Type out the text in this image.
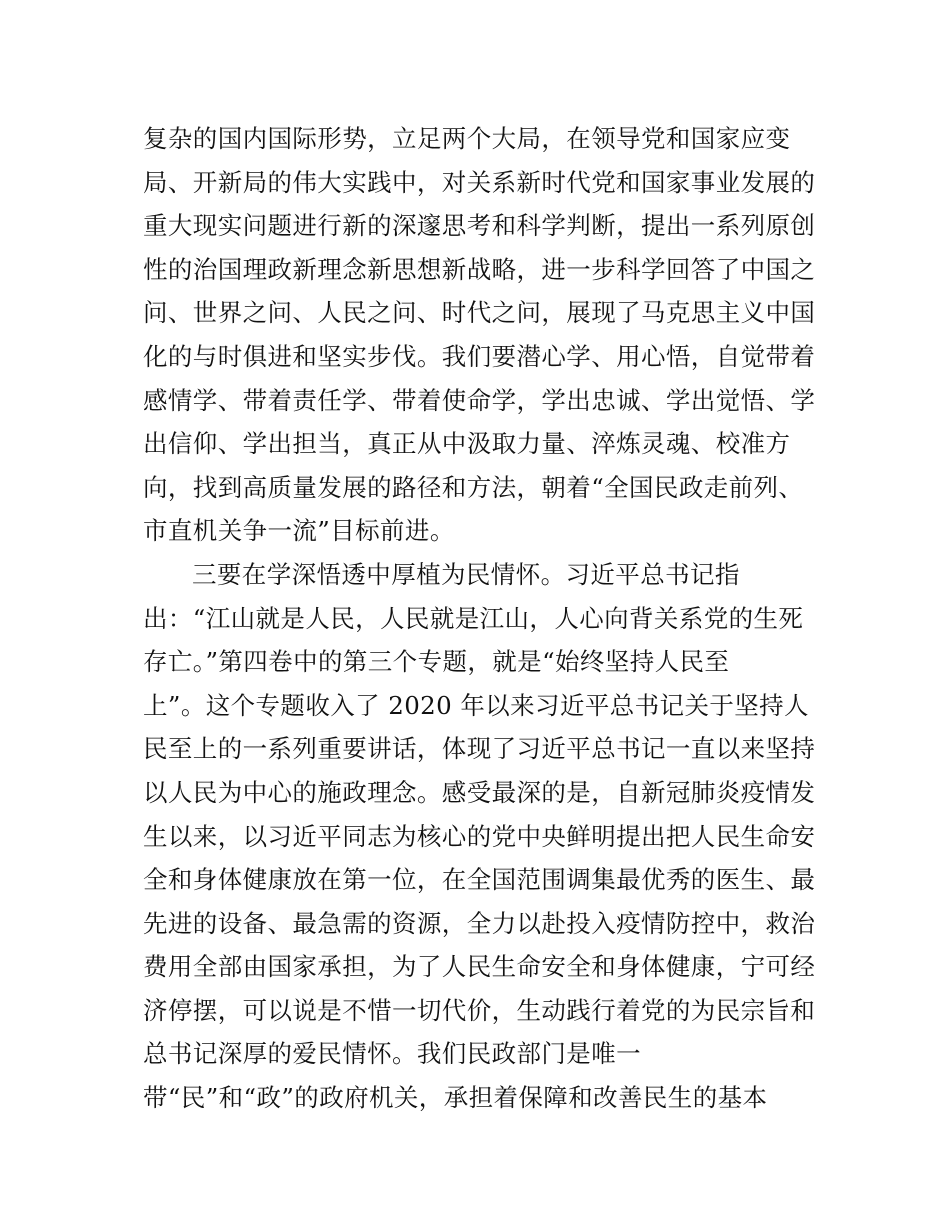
复杂的国内国际形势，立足两个大局，在领导党和国家应变
局、开新局的伟大实践中，对关系新时代党和国家事业发展的
重大现实问题进行新的深邃思考和科学判断，提出一系列原创
性的治国理政新理念新思想新战略，进一步科学回答了中国之
问、世界之问、人民之问、时代之问，展现了马克思主义中国
化的与时俱进和坚实步伐。我们要潜心学、用心悟，自觉带着
感情学、带着责任学、带着使命学，学出忠诚、学出觉悟、学
出信仰、学出担当，真正从中汲取力量、淬炼灵魂、校准方
向，找到高质量发展的路径和方法，朝着“全国民政走前列、
市直机关争一流”目标前进。
三要在学深悟透中厚植为民情怀。习近平总书记指
出：“江山就是人民，人民就是江山，人心向背关系党的生死
存亡。”第四卷中的第三个专题，就是“始终坚持人民至
上”。这个专题收入了 2020 年以来习近平总书记关于坚持人
民至上的一系列重要讲话，体现了习近平总书记一直以来坚持
以人民为中心的施政理念。感受最深的是，自新冠肺炎疫情发
生以来，以习近平同志为核心的党中央鲜明提出把人民生命安
全和身体健康放在第一位，在全国范围调集最优秀的医生、最
先进的设备、最急需的资源，全力以赴投入疫情防控中，救治
费用全部由国家承担，为了人民生命安全和身体健康，宁可经
济停摆，可以说是不惜一切代价，生动践行着党的为民宗旨和
总书记深厚的爱民情怀。我们民政部门是唯一
带“民”和“政”的政府机关，承担着保障和改善民生的基本
